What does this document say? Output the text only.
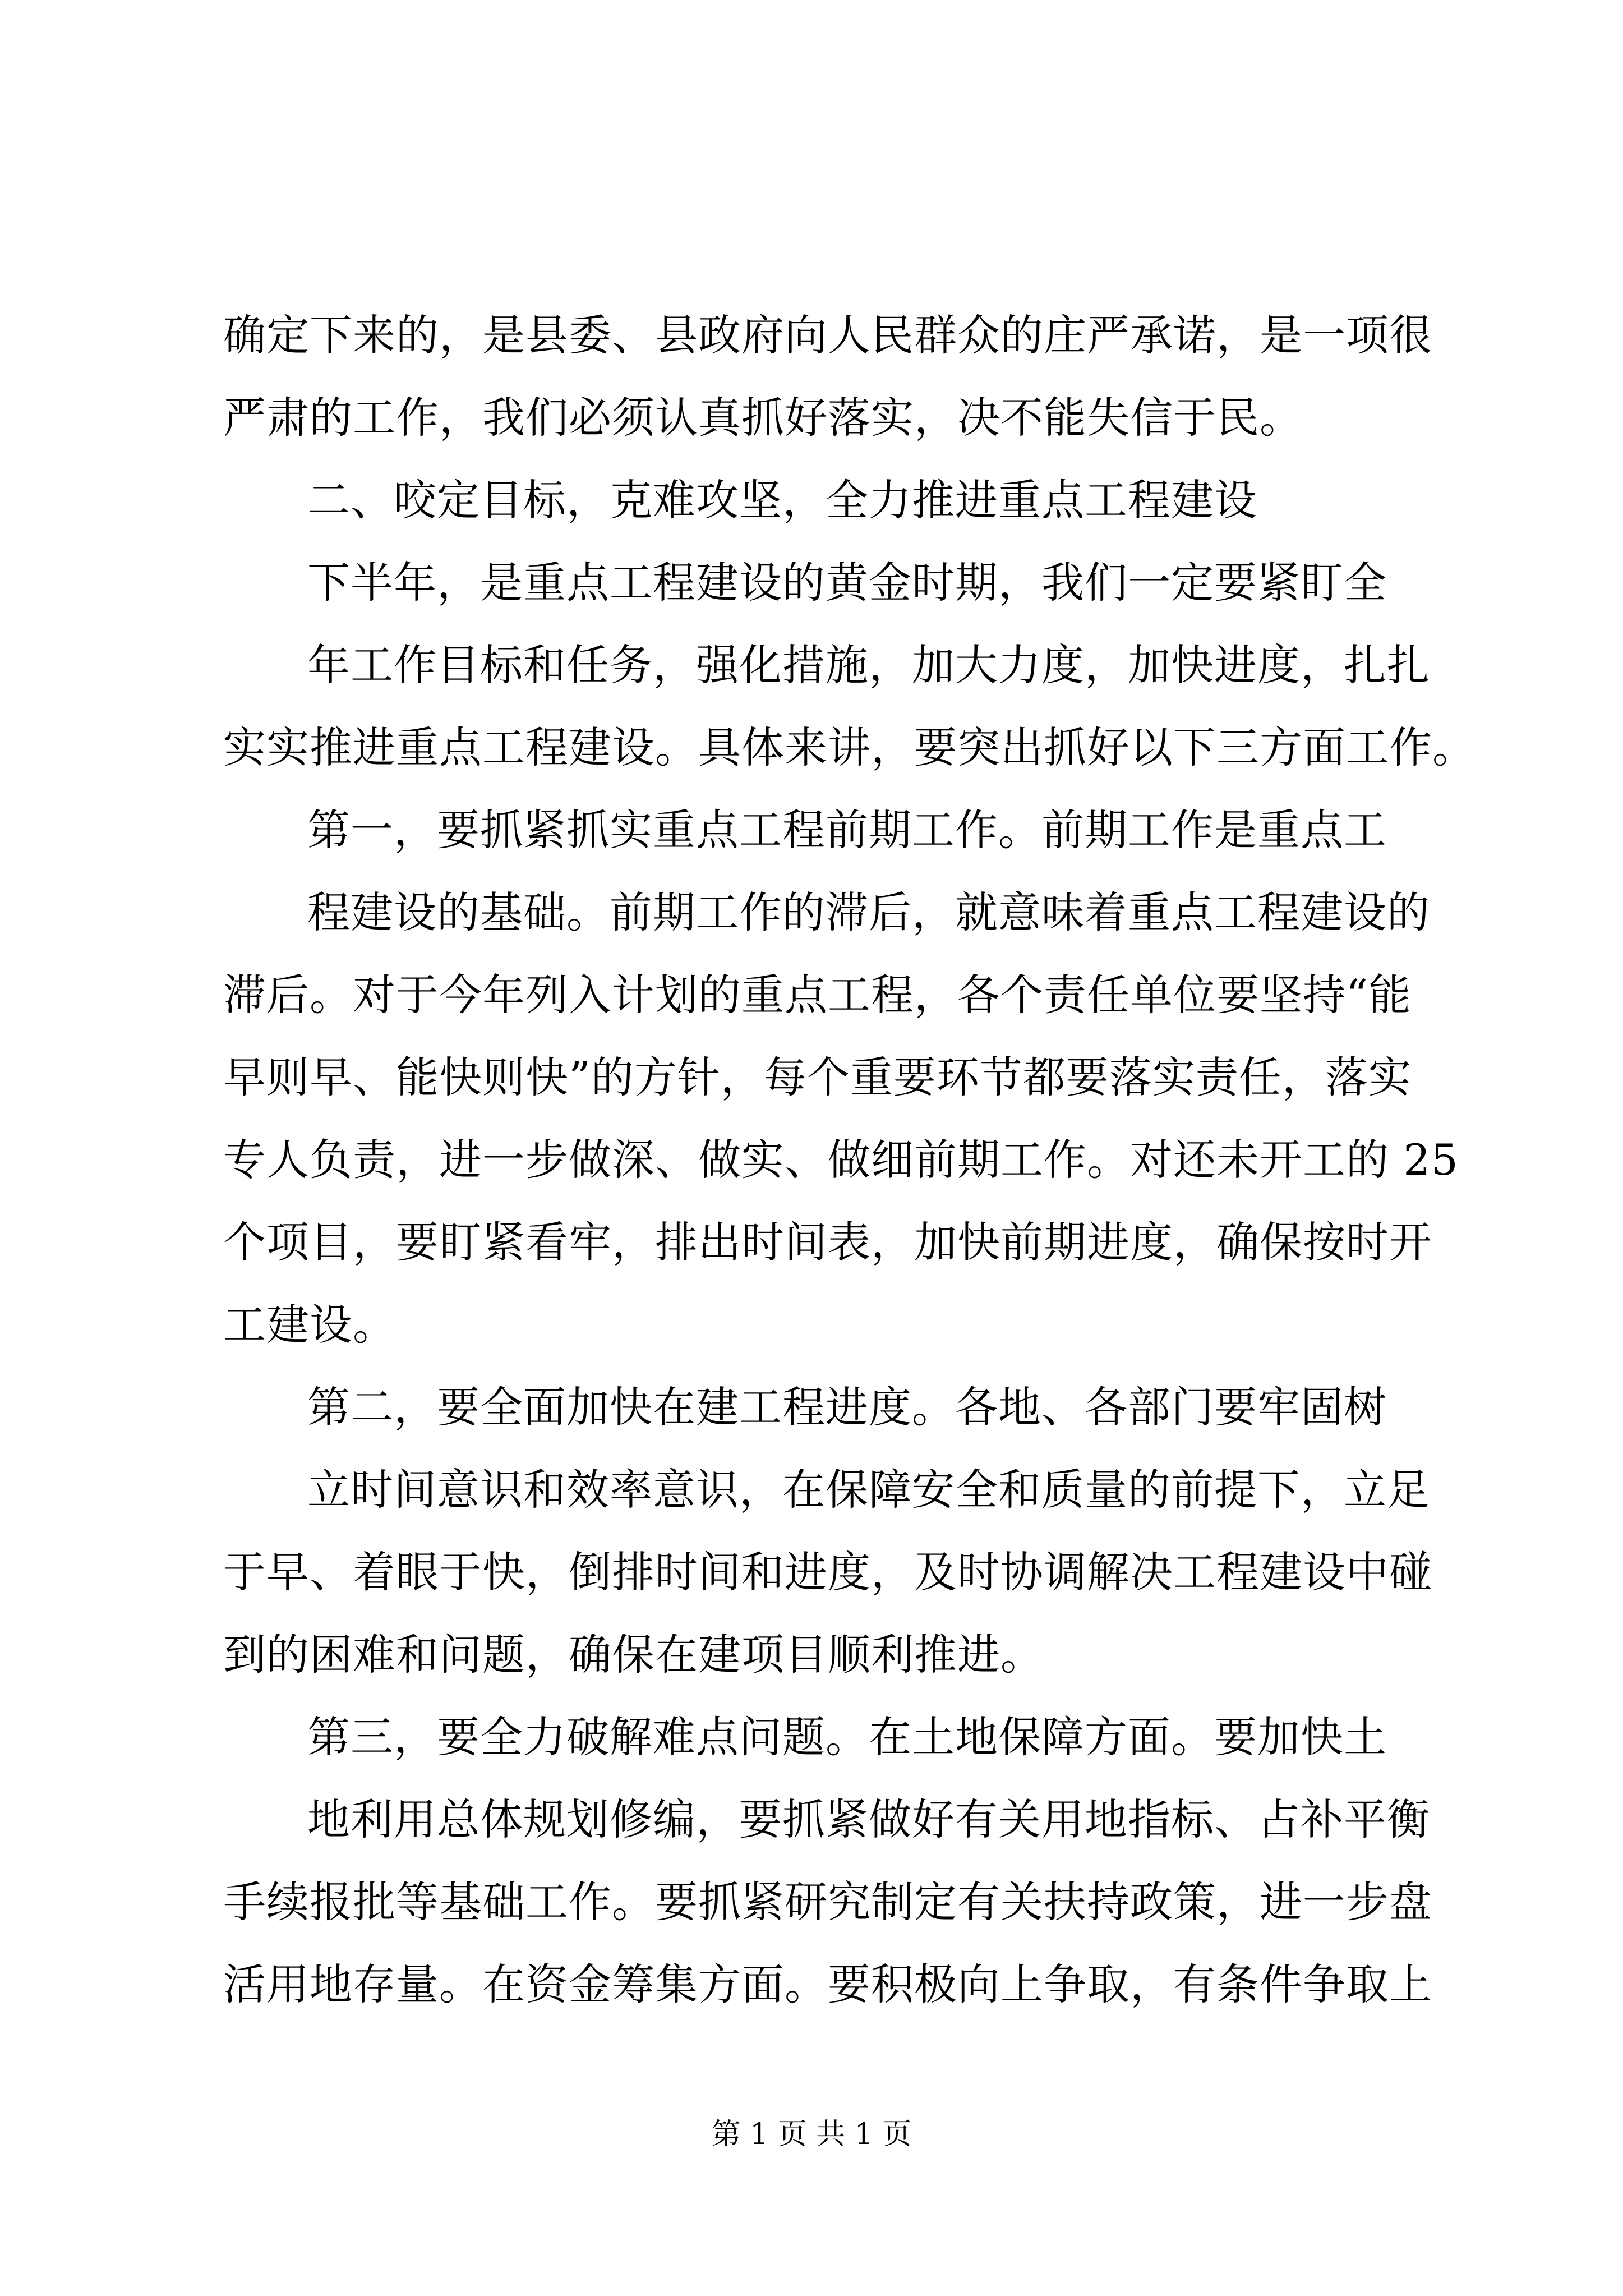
确定下来的，是县委、县政府向人民群众的庄严承诺，是一项很
严肃的工作，我们必须认真抓好落实，决不能失信于民。
二、咬定目标，克难攻坚，全力推进重点工程建设
下半年，是重点工程建设的黄金时期，我们一定要紧盯全
年工作目标和任务，强化措施，加大力度，加快进度，扎扎
实实推进重点工程建设。具体来讲，要突出抓好以下三方面工作。
第一，要抓紧抓实重点工程前期工作。前期工作是重点工
程建设的基础。前期工作的滞后，就意味着重点工程建设的
滞后。对于今年列入计划的重点工程，各个责任单位要坚持“能
早则早、能快则快”的方针，每个重要环节都要落实责任，落实
专人负责，进一步做深、做实、做细前期工作。对还未开工的 25
个项目，要盯紧看牢，排出时间表，加快前期进度，确保按时开
工建设。
第二，要全面加快在建工程进度。各地、各部门要牢固树
立时间意识和效率意识，在保障安全和质量的前提下，立足
于早、着眼于快，倒排时间和进度，及时协调解决工程建设中碰
到的困难和问题，确保在建项目顺利推进。
第三，要全力破解难点问题。在土地保障方面。要加快土
地利用总体规划修编，要抓紧做好有关用地指标、占补平衡
手续报批等基础工作。要抓紧研究制定有关扶持政策，进一步盘
活用地存量。在资金筹集方面。要积极向上争取，有条件争取上
第 1 页 共 1 页
